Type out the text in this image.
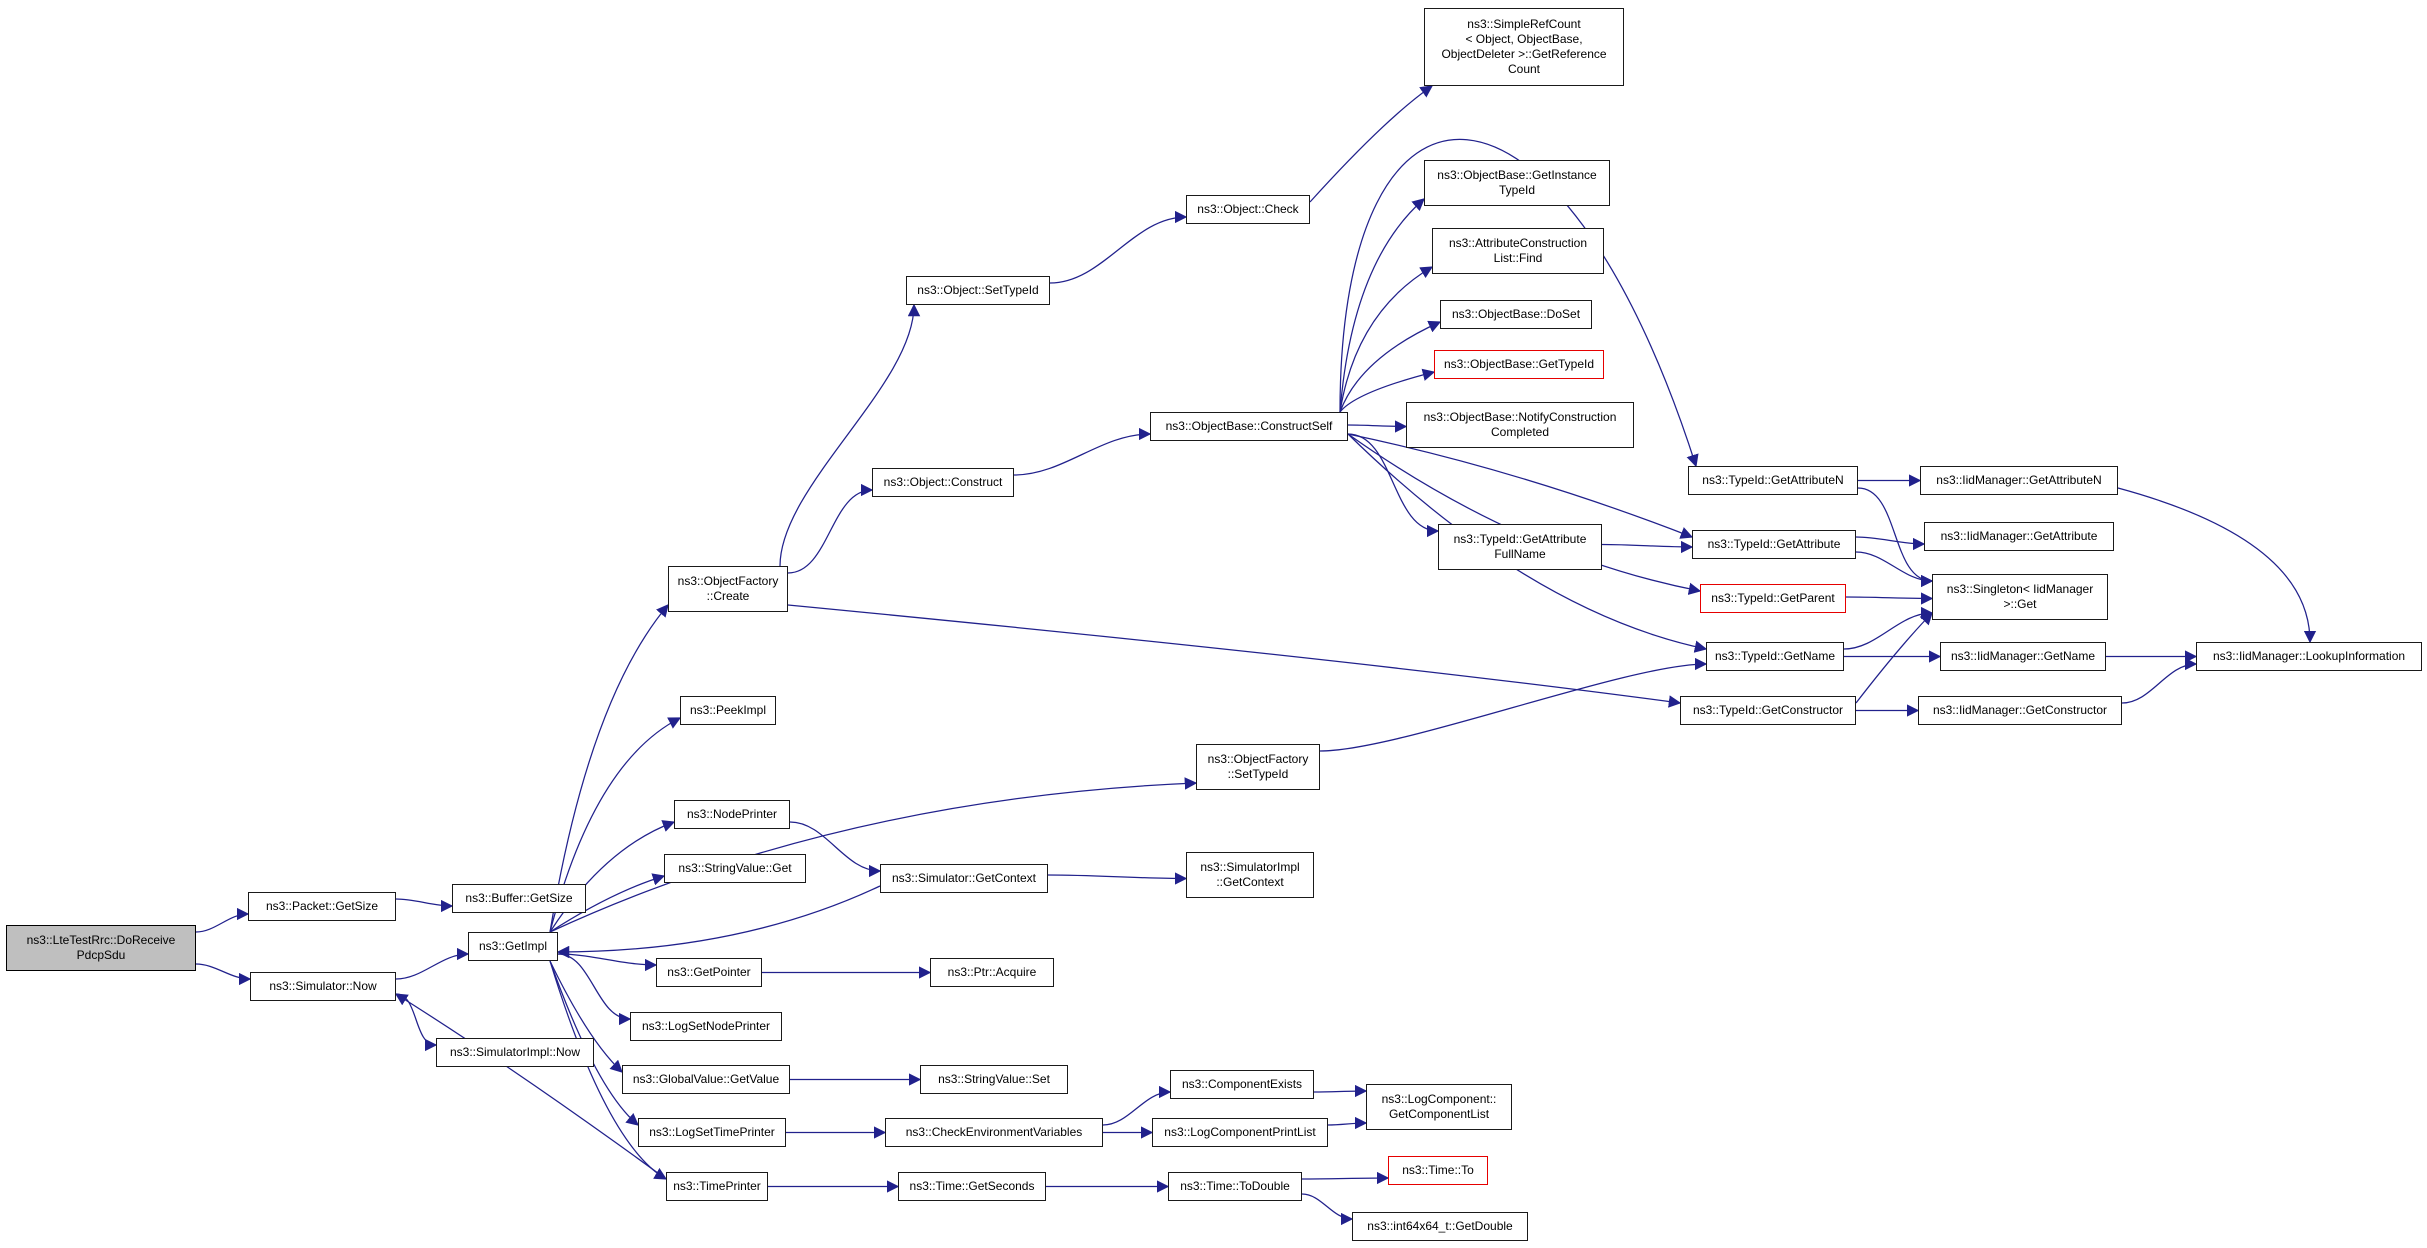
ns3::LteTestRrc::DoReceive
PdcpSdu
ns3::Packet::GetSize
ns3::Simulator::Now
ns3::Buffer::GetSize
ns3::GetImpl
ns3::SimulatorImpl::Now
ns3::ObjectFactory
::Create
ns3::PeekImpl
ns3::NodePrinter
ns3::StringValue::Get
ns3::GetPointer
ns3::LogSetNodePrinter
ns3::GlobalValue::GetValue
ns3::LogSetTimePrinter
ns3::TimePrinter
ns3::Object::SetTypeId
ns3::Object::Construct
ns3::Simulator::GetContext
ns3::Ptr::Acquire
ns3::StringValue::Set
ns3::CheckEnvironmentVariables
ns3::Time::GetSeconds
ns3::Object::Check
ns3::ObjectBase::ConstructSelf
ns3::ObjectFactory
::SetTypeId
ns3::SimulatorImpl
::GetContext
ns3::ComponentExists
ns3::LogComponentPrintList
ns3::Time::ToDouble
ns3::LogComponent::
GetComponentList
ns3::Time::To
ns3::int64x64_t::GetDouble
ns3::SimpleRefCount
< Object, ObjectBase,
ObjectDeleter >::GetReference
Count
ns3::ObjectBase::GetInstance
TypeId
ns3::AttributeConstruction
List::Find
ns3::ObjectBase::DoSet
ns3::ObjectBase::GetTypeId
ns3::ObjectBase::NotifyConstruction
Completed
ns3::TypeId::GetAttribute
FullName
ns3::TypeId::GetAttributeN
ns3::TypeId::GetAttribute
ns3::TypeId::GetParent
ns3::TypeId::GetName
ns3::TypeId::GetConstructor
ns3::IidManager::GetAttributeN
ns3::IidManager::GetAttribute
ns3::Singleton< IidManager
>::Get
ns3::IidManager::GetName
ns3::IidManager::GetConstructor
ns3::IidManager::LookupInformation
